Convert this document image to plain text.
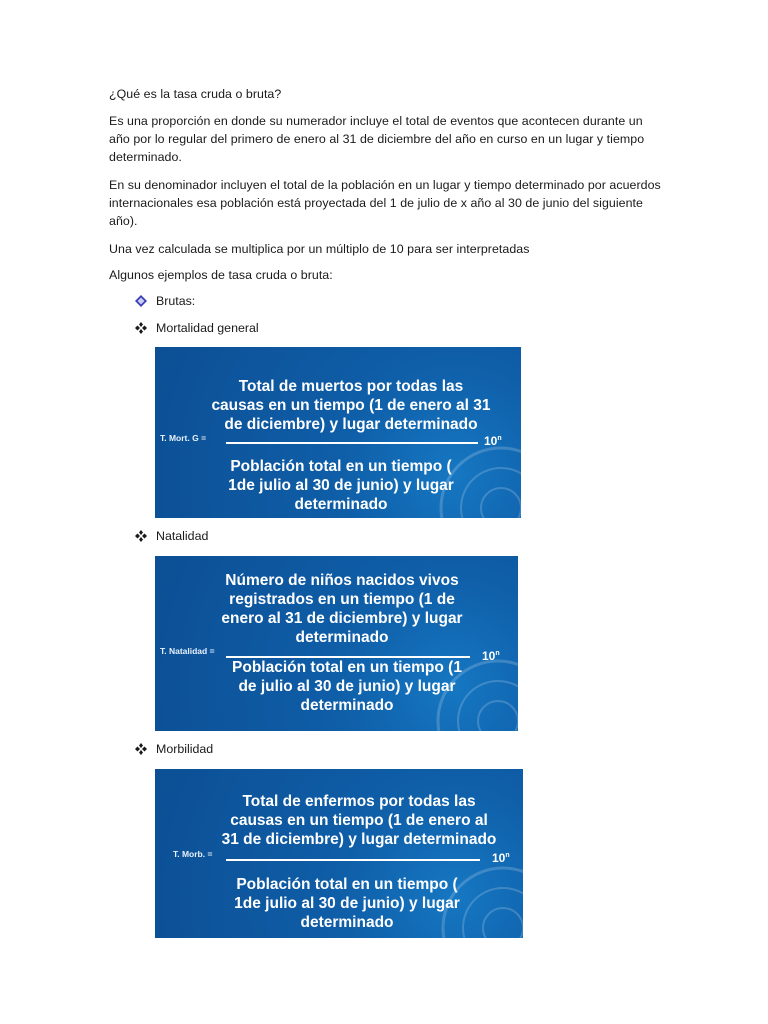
¿Qué es la tasa cruda o bruta?

Es una proporción en donde su numerador incluye el total de eventos que acontecen durante un año por lo regular del primero de enero al 31 de diciembre del año en curso en un lugar y tiempo determinado.

En su denominador incluyen el total de la población en un lugar y tiempo determinado por acuerdos internacionales esa población está proyectada del 1 de julio de x año al 30 de junio del siguiente año).

Una vez calculada se multiplica por un múltiplo de 10 para ser interpretadas

Algunos ejemplos de tasa cruda o bruta:

Brutas:
Mortalidad general
Total de muertos por todas las causas en un tiempo (1 de enero al 31 de diciembre) y lugar determinado
T. Mort. G =	$10^n$
Población total en un tiempo ( 1de julio al 30 de junio) y lugar determinado
Natalidad
Número de niños nacidos vivos registrados en un tiempo (1 de enero al 31 de diciembre) y lugar determinado
T. Natalidad =	$10^n$
Población total en un tiempo (1 de julio al 30 de junio) y lugar determinado
Morbilidad
Total de enfermos por todas las causas en un tiempo (1 de enero al 31 de diciembre) y lugar determinado
T. Morb. =	$10^n$
Población total en un tiempo ( 1de julio al 30 de junio) y lugar determinado
